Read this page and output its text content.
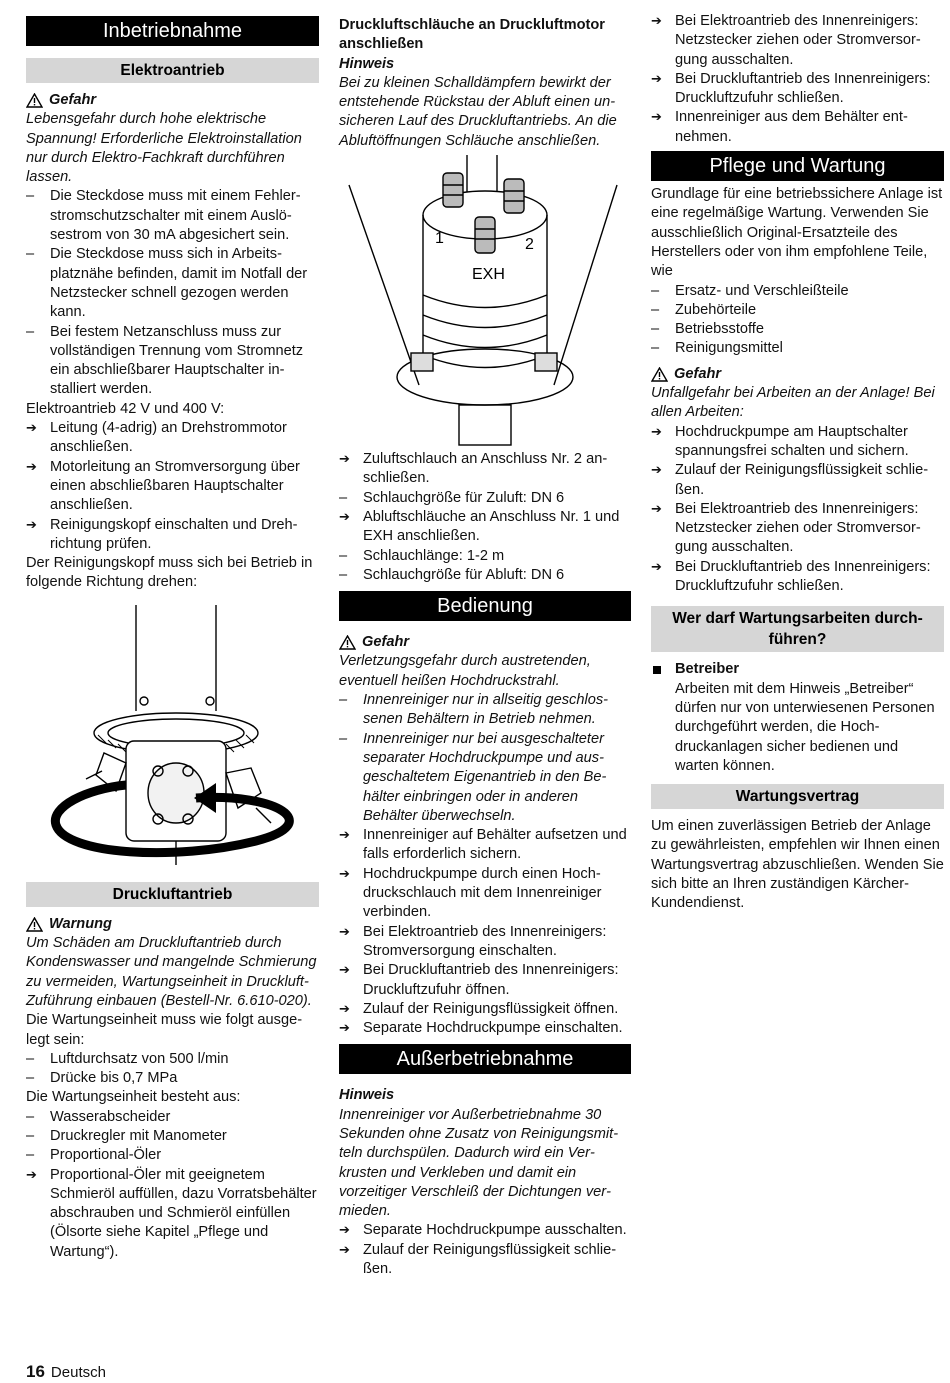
Inbetriebnahme
Elektroantrieb
Gefahr

Lebensgefahr durch hohe elektrische Spannung! Erforderliche Elektroinstallation nur durch Elektro-Fachkraft durchführen lassen.

–
Die Steckdose muss mit einem Fehlerstromschutzschalter mit einem Auslösestrom von 30 mA abgesichert sein.
–
Die Steckdose muss sich in Arbeitsplatznähe befinden, damit im Notfall der Netzstecker schnell gezogen werden kann.
–
Bei festem Netzanschluss muss zur vollständigen Trennung vom Stromnetz ein abschließbarer Hauptschalter installiert werden.

Elektroantrieb 42 V und 400 V:

➔
Leitung (4-adrig) an Drehstrommotor anschließen.
➔
Motorleitung an Stromversorgung über einen abschließbaren Hauptschalter anschließen.
➔
Reinigungskopf einschalten und Drehrichtung prüfen.

Der Reinigungskopf muss sich bei Betrieb in folgende Richtung drehen:

Druckluftantrieb
Warnung

Um Schäden am Druckluftantrieb durch Kondenswasser und mangelnde Schmierung zu vermeiden, Wartungseinheit in Druckluft-Zuführung einbauen (Bestell-Nr. 6.610-020).

Die Wartungseinheit muss wie folgt ausgelegt sein:

–
Luftdurchsatz von 500 l/min
–
Drücke bis 0,7 MPa

Die Wartungseinheit besteht aus:

–
Wasserabscheider
–
Druckregler mit Manometer
–
Proportional-Öler
➔
Proportional-Öler mit geeignetem Schmieröl auffüllen, dazu Vorratsbehälter abschrauben und Schmieröl einfüllen (Ölsorte siehe Kapitel „Pflege und Wartung“).

Druckluftschläuche an Druckluftmotor anschließen

Hinweis

Bei zu kleinen Schalldämpfern bewirkt der entstehende Rückstau der Abluft einen unsicheren Lauf des Druckluftantriebs. An die Abluftöffnungen Schläuche anschließen.

1	2
EXH
➔
Zuluftschlauch an Anschluss Nr. 2 anschließen.
–
Schlauchgröße für Zuluft: DN 6
➔
Abluftschläuche an Anschluss Nr. 1 und EXH anschließen.
–
Schlauchlänge: 1-2 m
–
Schlauchgröße für Abluft: DN 6
Bedienung
Gefahr

Verletzungsgefahr durch austretenden, eventuell heißen Hochdruckstrahl.

–
Innenreiniger nur in allseitig geschlossenen Behältern in Betrieb nehmen.
–
Innenreiniger nur bei ausgeschalteter separater Hochdruckpumpe und ausgeschaltetem Eigenantrieb in den Behälter einbringen oder in anderen Behälter überwechseln.
➔
Innenreiniger auf Behälter aufsetzen und falls erforderlich sichern.
➔
Hochdruckpumpe durch einen Hochdruckschlauch mit dem Innenreiniger verbinden.
➔
Bei Elektroantrieb des Innenreinigers: Stromversorgung einschalten.
➔
Bei Druckluftantrieb des Innenreinigers: Druckluftzufuhr öffnen.
➔
Zulauf der Reinigungsflüssigkeit öffnen.
➔
Separate Hochdruckpumpe einschalten.
Außerbetriebnahme

Hinweis

Innenreiniger vor Außerbetriebnahme 30 Sekunden ohne Zusatz von Reinigungsmitteln durchspülen. Dadurch wird ein Verkrusten und Verkleben und damit ein vorzeitiger Verschleiß der Dichtungen vermieden.

➔
Separate Hochdruckpumpe ausschalten.
➔
Zulauf der Reinigungsflüssigkeit schließen.
➔
Bei Elektroantrieb des Innenreinigers: Netzstecker ziehen oder Stromversorgung ausschalten.
➔
Bei Druckluftantrieb des Innenreinigers: Druckluftzufuhr schließen.
➔
Innenreiniger aus dem Behälter entnehmen.
Pflege und Wartung

Grundlage für eine betriebssichere Anlage ist eine regelmäßige Wartung. Verwenden Sie ausschließlich Original-Ersatzteile des Herstellers oder von ihm empfohlene Teile, wie

–
Ersatz- und Verschleißteile
–
Zubehörteile
–
Betriebsstoffe
–
Reinigungsmittel
Gefahr

Unfallgefahr bei Arbeiten an der Anlage! Bei allen Arbeiten:

➔
Hochdruckpumpe am Hauptschalter spannungsfrei schalten und sichern.
➔
Zulauf der Reinigungsflüssigkeit schließen.
➔
Bei Elektroantrieb des Innenreinigers: Netzstecker ziehen oder Stromversorgung ausschalten.
➔
Bei Druckluftantrieb des Innenreinigers: Druckluftzufuhr schließen.
Wer darf Wartungsarbeiten durchführen?
Betreiber

Arbeiten mit dem Hinweis „Betreiber“ dürfen nur von unterwiesenen Personen durchgeführt werden, die Hochdruckanlagen sicher bedienen und warten können.

Wartungsvertrag

Um einen zuverlässigen Betrieb der Anlage zu gewährleisten, empfehlen wir Ihnen einen Wartungsvertrag abzuschließen. Wenden Sie sich bitte an Ihren zuständigen Kärcher-Kundendienst.

16 Deutsch
